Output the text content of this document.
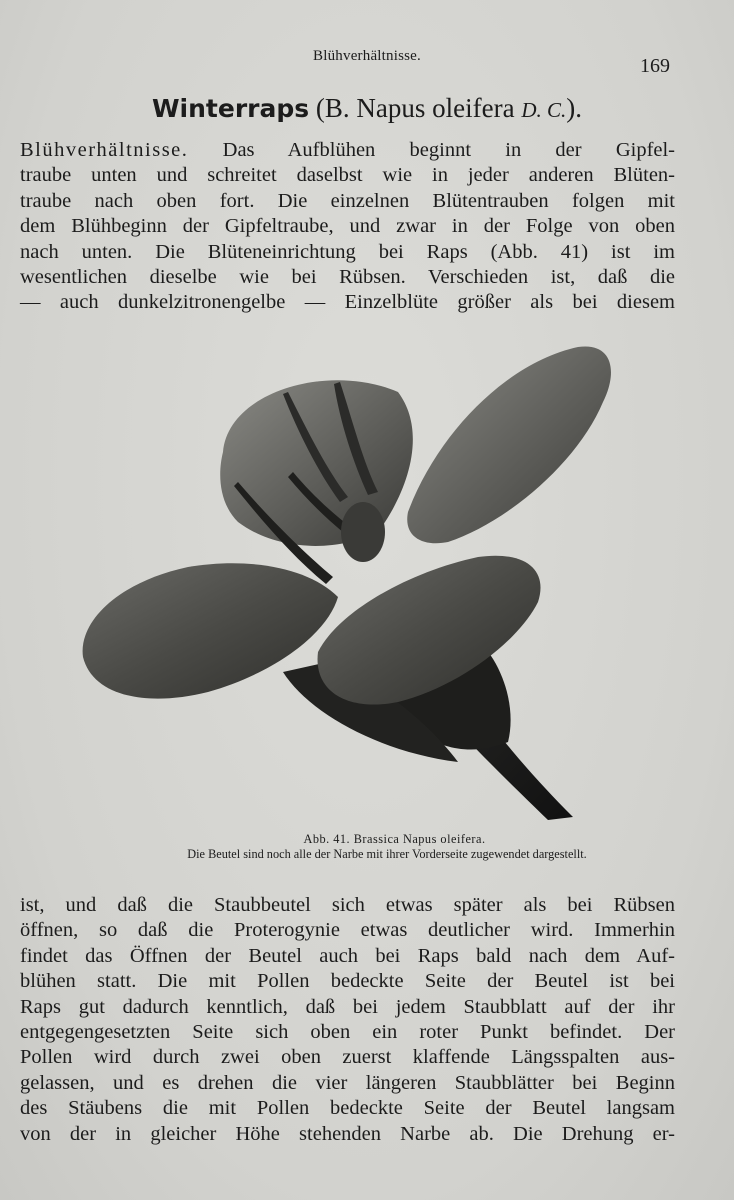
Blühverhältnisse.	169
Winterraps (B. Napus oleifera D. C.).
Blühverhältnisse. Das Aufblühen beginnt in der Gipfel-
traube unten und schreitet daselbst wie in jeder anderen Blüten-
traube nach oben fort. Die einzelnen Blütentrauben folgen mit
dem Blühbeginn der Gipfeltraube, und zwar in der Folge von oben
nach unten. Die Blüteneinrichtung bei Raps (Abb. 41) ist im
wesentlichen dieselbe wie bei Rübsen. Verschieden ist, daß die
— auch dunkelzitronengelbe — Einzelblüte größer als bei diesem
Abb. 41. Brassica Napus oleifera.
Die Beutel sind noch alle der Narbe mit ihrer Vorderseite zugewendet dargestellt.
ist, und daß die Staubbeutel sich etwas später als bei Rübsen
öffnen, so daß die Proterogynie etwas deutlicher wird. Immerhin
findet das Öffnen der Beutel auch bei Raps bald nach dem Auf-
blühen statt. Die mit Pollen bedeckte Seite der Beutel ist bei
Raps gut dadurch kenntlich, daß bei jedem Staubblatt auf der ihr
entgegengesetzten Seite sich oben ein roter Punkt befindet. Der
Pollen wird durch zwei oben zuerst klaffende Längsspalten aus-
gelassen, und es drehen die vier längeren Staubblätter bei Beginn
des Stäubens die mit Pollen bedeckte Seite der Beutel langsam
von der in gleicher Höhe stehenden Narbe ab. Die Drehung er-
